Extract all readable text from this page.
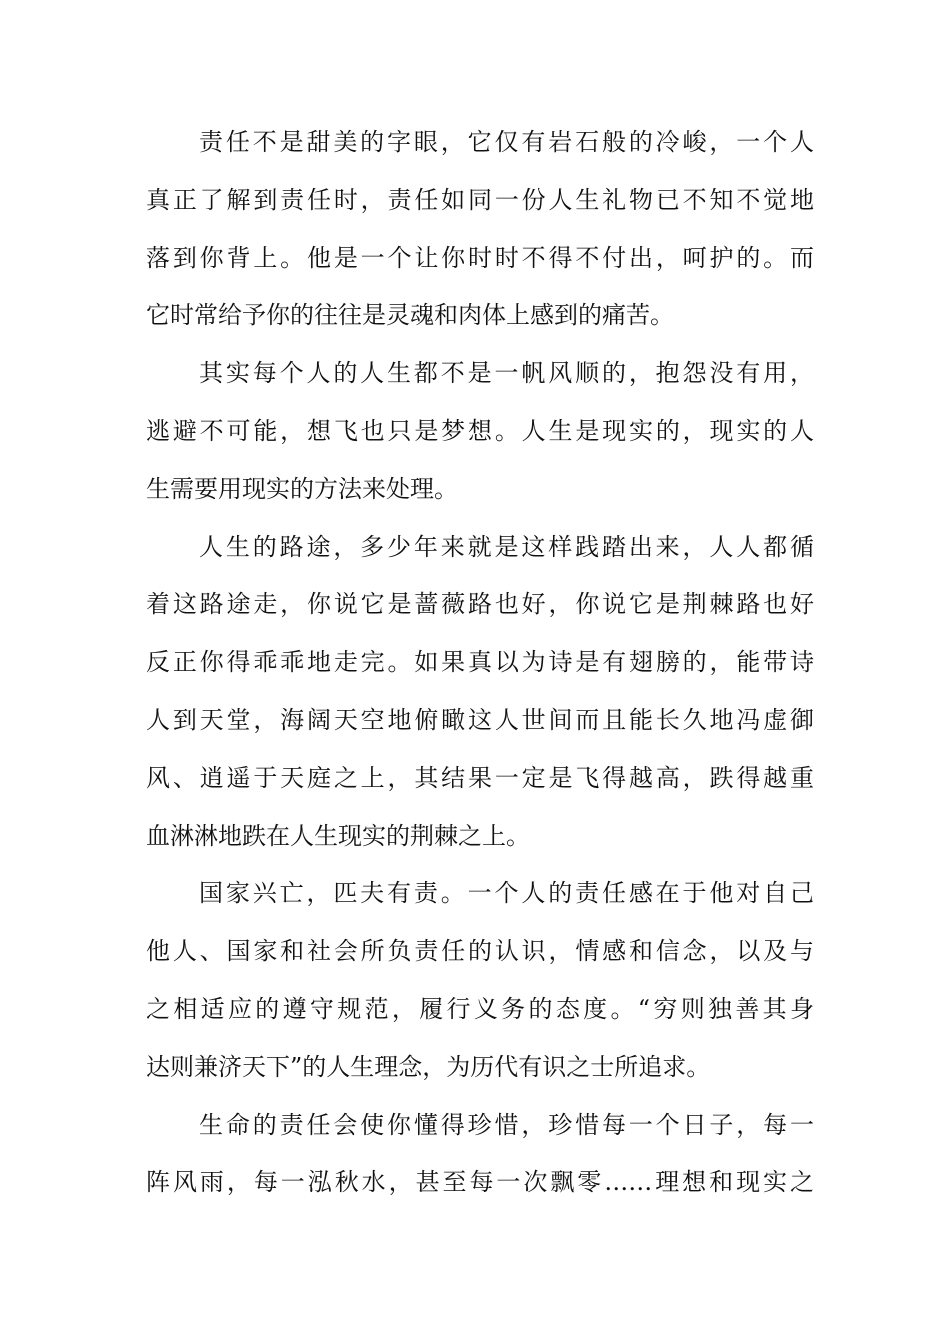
责任不是甜美的字眼，它仅有岩石般的冷峻，一个人
真正了解到责任时，责任如同一份人生礼物已不知不觉地
落到你背上。他是一个让你时时不得不付出，呵护的。而
它时常给予你的往往是灵魂和肉体上感到的痛苦。
其实每个人的人生都不是一帆风顺的，抱怨没有用，
逃避不可能，想飞也只是梦想。人生是现实的，现实的人
生需要用现实的方法来处理。
人生的路途，多少年来就是这样践踏出来，人人都循
着这路途走，你说它是蔷薇路也好，你说它是荆棘路也好
反正你得乖乖地走完。如果真以为诗是有翅膀的，能带诗
人到天堂，海阔天空地俯瞰这人世间而且能长久地冯虚御
风、逍遥于天庭之上，其结果一定是飞得越高，跌得越重
血淋淋地跌在人生现实的荆棘之上。
国家兴亡，匹夫有责。一个人的责任感在于他对自己
他人、国家和社会所负责任的认识，情感和信念，以及与
之相适应的遵守规范，履行义务的态度。“穷则独善其身
达则兼济天下”的人生理念，为历代有识之士所追求。
生命的责任会使你懂得珍惜，珍惜每一个日子，每一
阵风雨，每一泓秋水，甚至每一次飘零……理想和现实之
